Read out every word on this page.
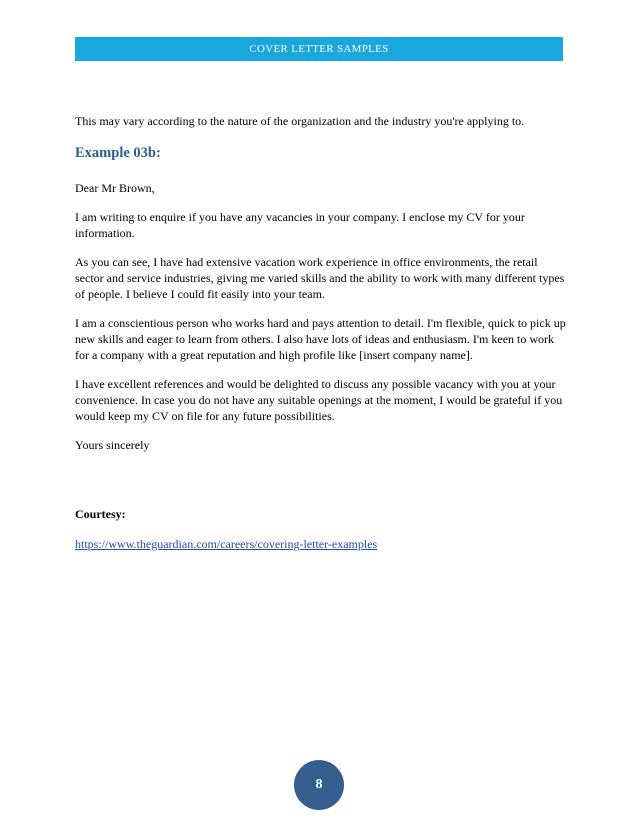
COVER LETTER SAMPLES

This may vary according to the nature of the organization and the industry you're applying to.

Example 03b:

Dear Mr Brown,

I am writing to enquire if you have any vacancies in your company. I enclose my CV for your information.

As you can see, I have had extensive vacation work experience in office environments, the retail sector and service industries, giving me varied skills and the ability to work with many different types of people. I believe I could fit easily into your team.

I am a conscientious person who works hard and pays attention to detail. I'm flexible, quick to pick up new skills and eager to learn from others. I also have lots of ideas and enthusiasm. I'm keen to work for a company with a great reputation and high profile like [insert company name].

I have excellent references and would be delighted to discuss any possible vacancy with you at your convenience. In case you do not have any suitable openings at the moment, I would be grateful if you would keep my CV on file for any future possibilities.

Yours sincerely

Courtesy:

https://www.theguardian.com/careers/covering-letter-examples

8
